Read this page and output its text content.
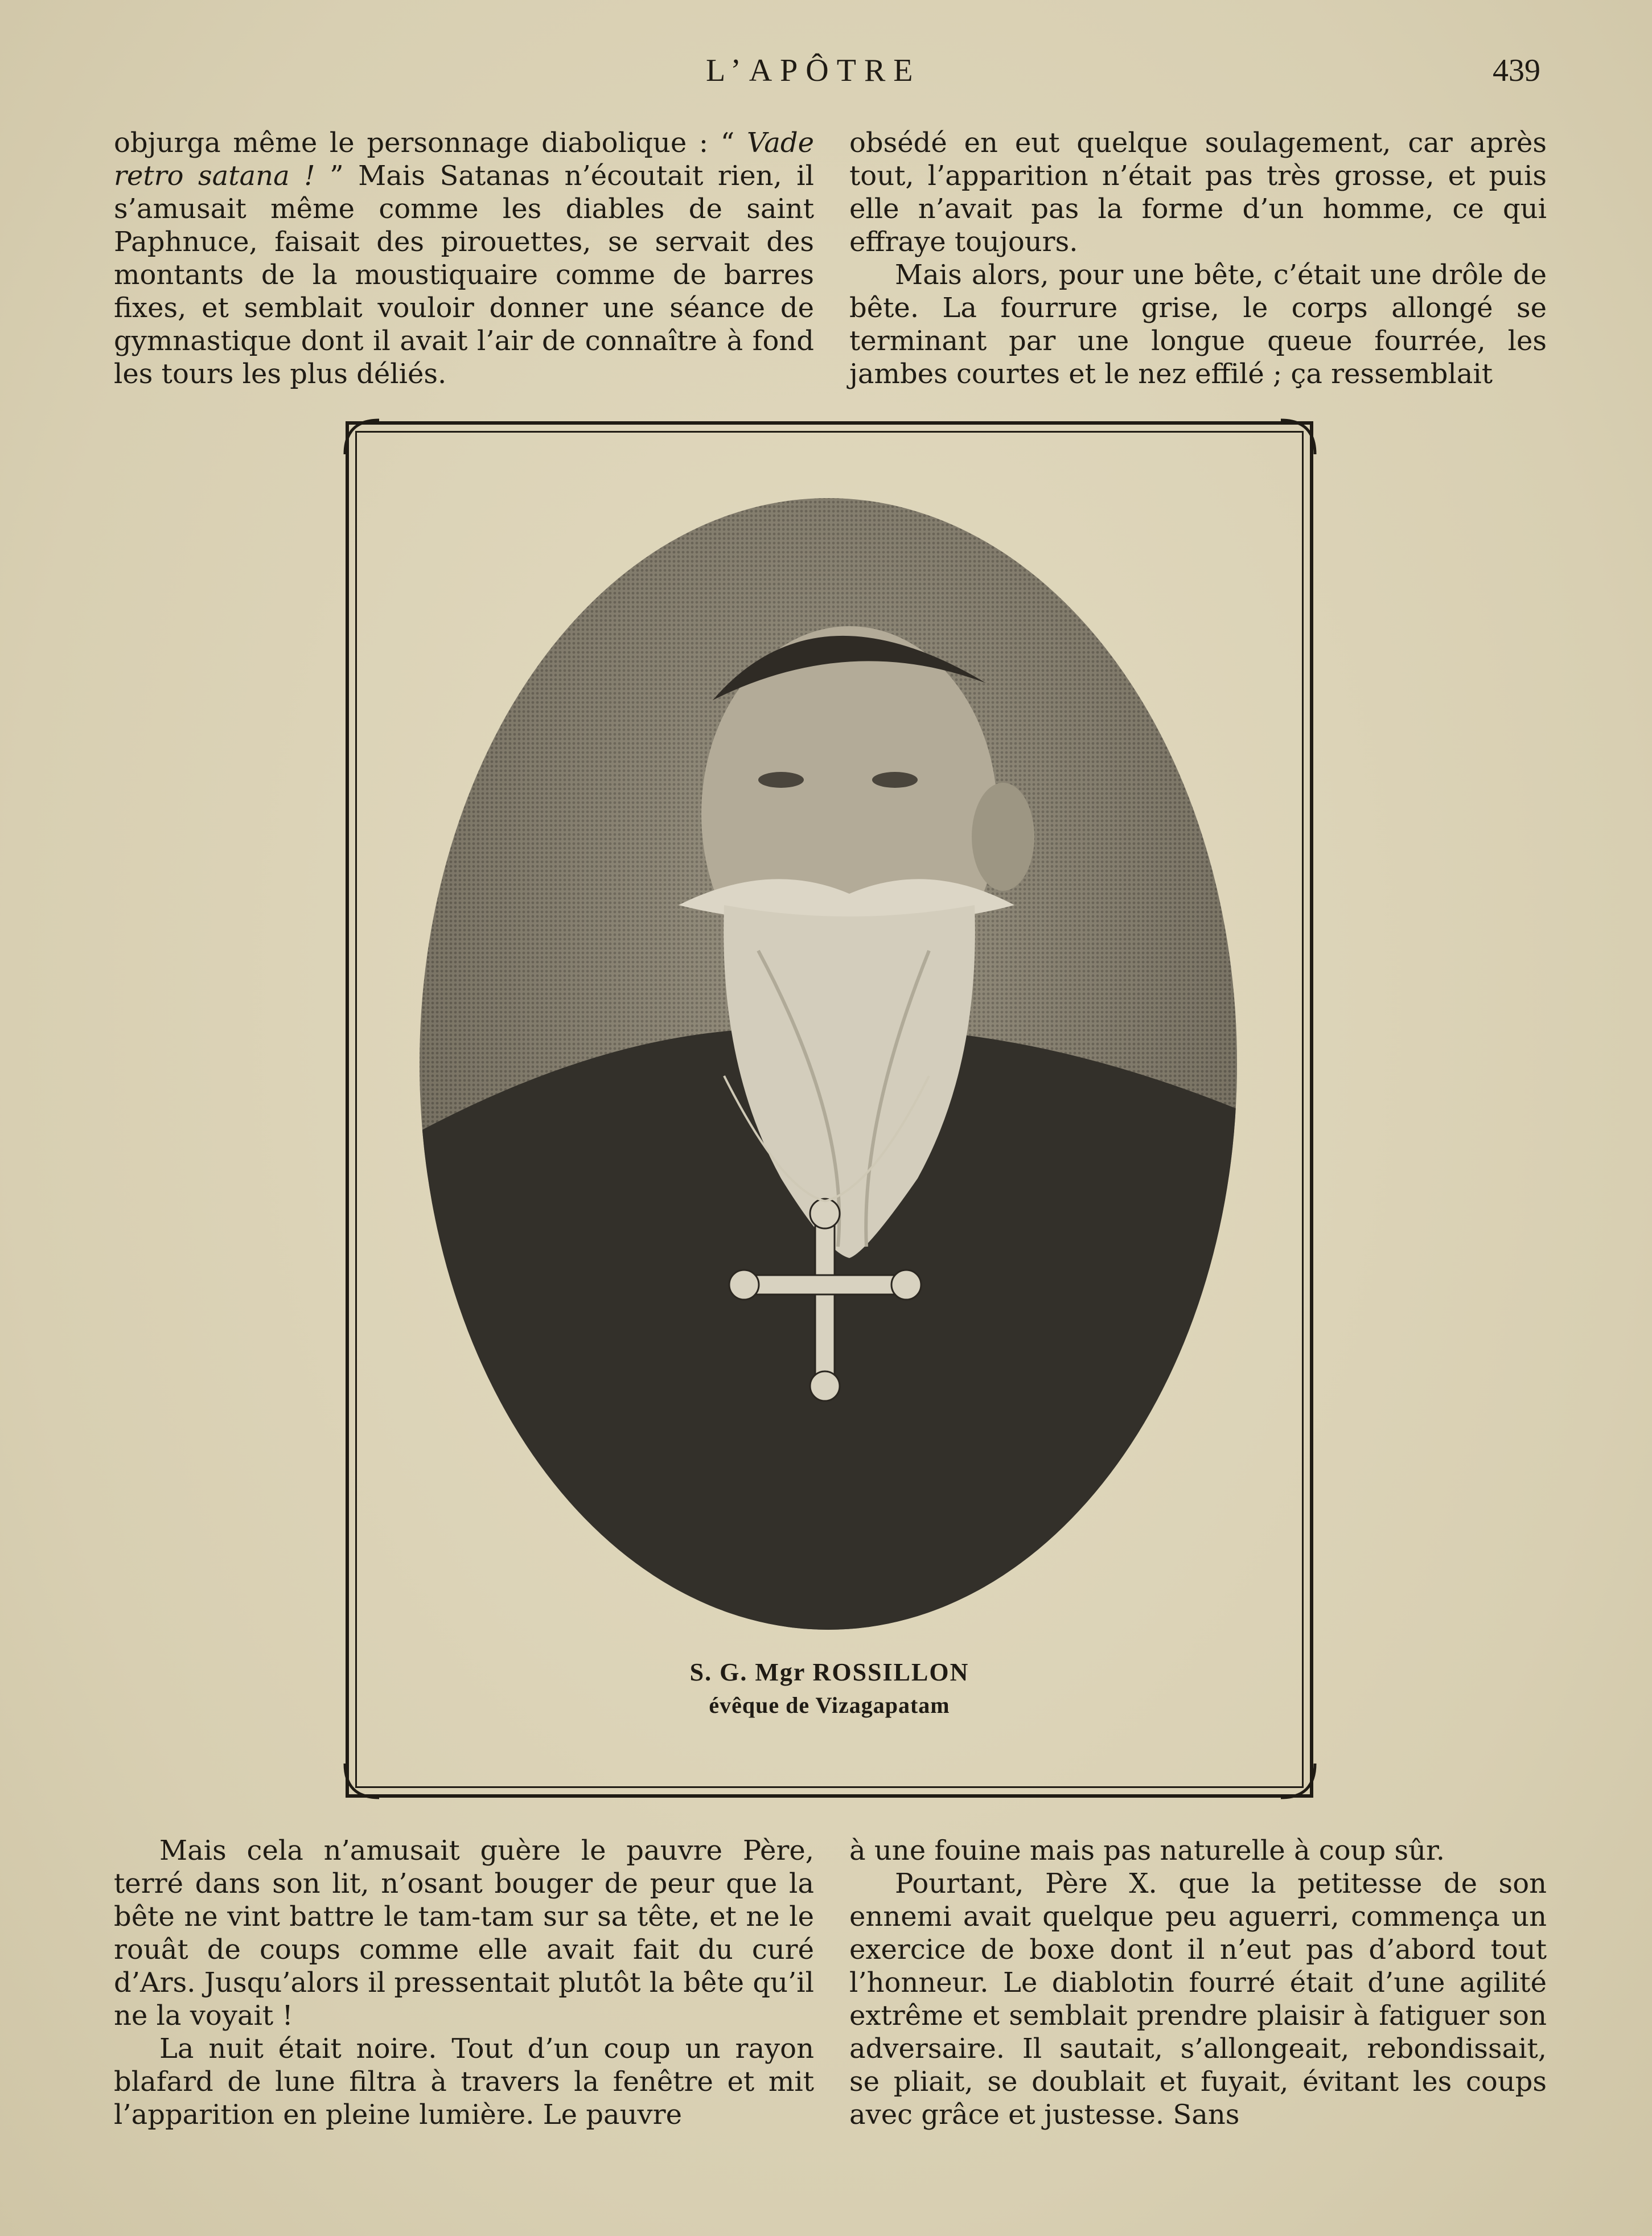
L’APÔTRE	439

objurga même le personnage diabolique : “ Vade retro satana ! ” Mais Satanas n’écoutait rien, il s’amusait même comme les diables de saint Paphnuce, faisait des pirouettes, se servait des montants de la moustiquaire comme de barres fixes, et semblait vouloir donner une séance de gymnastique dont il avait l’air de connaître à fond les tours les plus déliés.

obsédé en eut quelque soulagement, car après tout, l’apparition n’était pas très grosse, et puis elle n’avait pas la forme d’un homme, ce qui effraye toujours.

Mais alors, pour une bête, c’était une drôle de bête. La fourrure grise, le corps allongé se terminant par une longue queue fourrée, les jambes courtes et le nez effilé ; ça ressemblait

S. G. Mgr ROSSILLON
évêque de Vizagapatam

Mais cela n’amusait guère le pauvre Père, terré dans son lit, n’osant bouger de peur que la bête ne vint battre le tam-tam sur sa tête, et ne le rouât de coups comme elle avait fait du curé d’Ars. Jusqu’alors il pressentait plutôt la bête qu’il ne la voyait !

La nuit était noire. Tout d’un coup un rayon blafard de lune filtra à travers la fenêtre et mit l’apparition en pleine lumière. Le pauvre

à une fouine mais pas naturelle à coup sûr.

Pourtant, Père X. que la petitesse de son ennemi avait quelque peu aguerri, commença un exercice de boxe dont il n’eut pas d’abord tout l’honneur. Le diablotin fourré était d’une agilité extrême et semblait prendre plaisir à fatiguer son adversaire. Il sautait, s’allongeait, rebondissait, se pliait, se doublait et fuyait, évitant les coups avec grâce et justesse. Sans
